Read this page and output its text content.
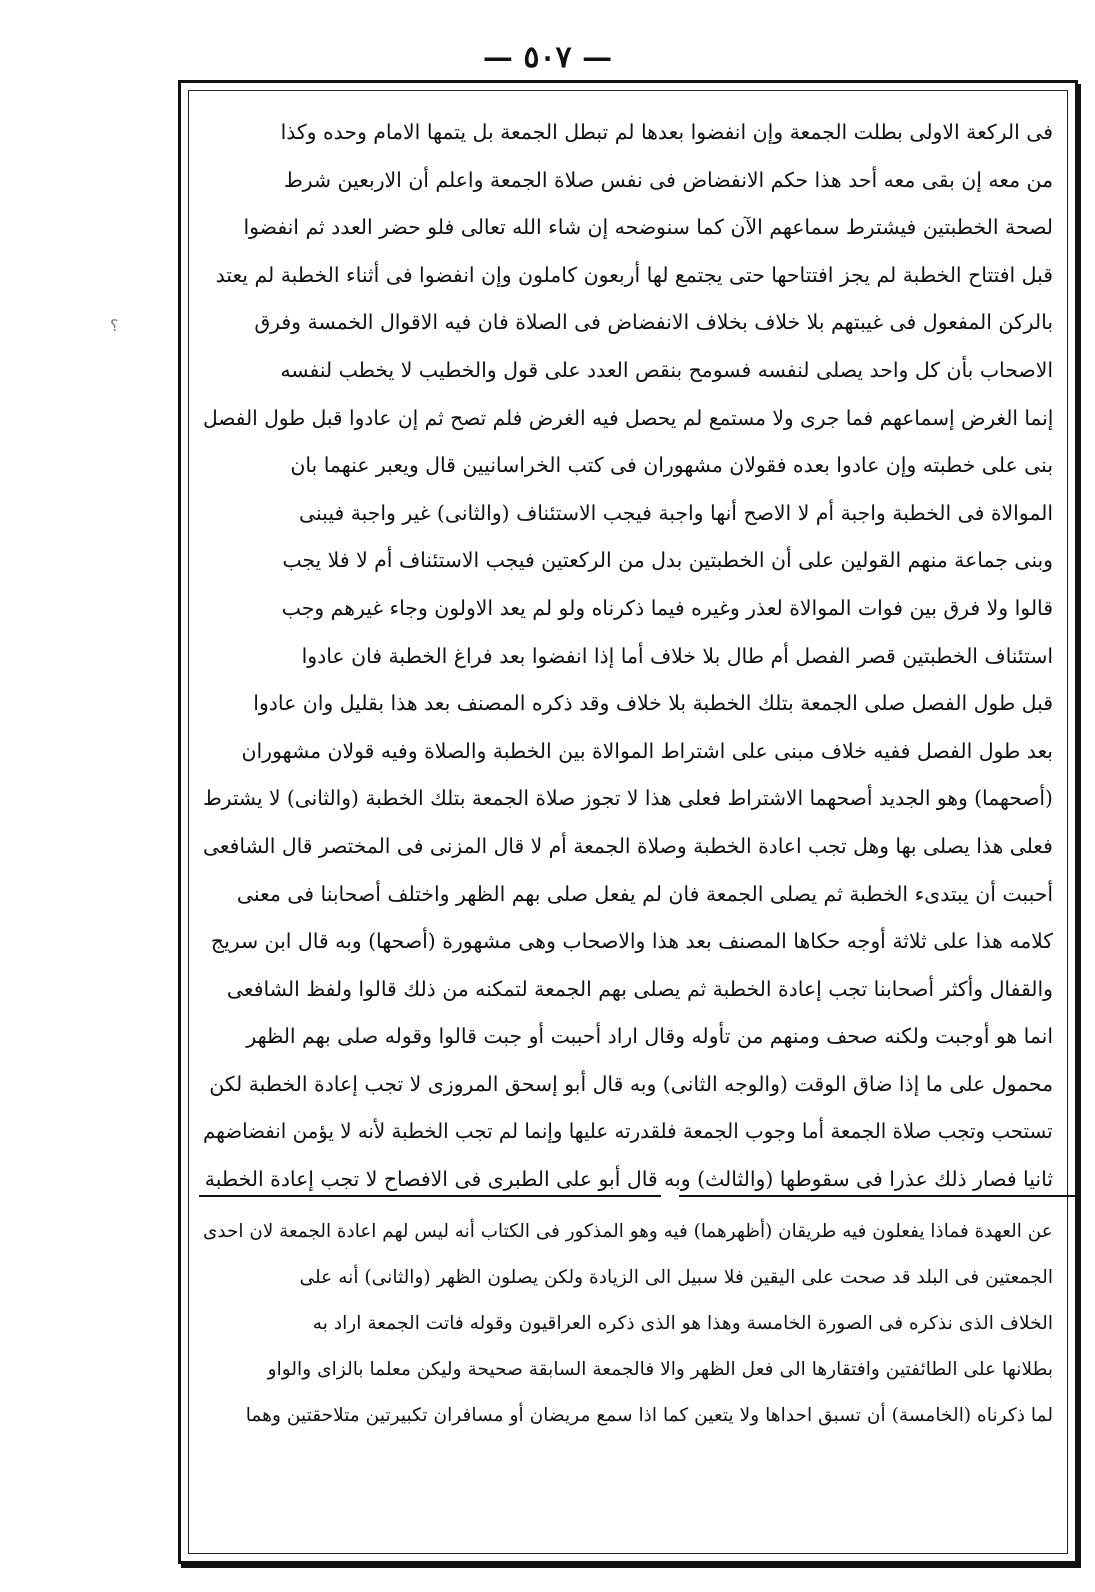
— ٥٠٧ —
؟
فى الركعة الاولى بطلت الجمعة وإن انفضوا بعدها لم تبطل الجمعة بل يتمها الامام وحده وكذا
من معه إن بقى معه أحد هذا حكم الانفضاض فى نفس صلاة الجمعة واعلم أن الاربعين شرط
لصحة الخطبتين فيشترط سماعهم الآن كما سنوضحه إن شاء الله تعالى فلو حضر العدد ثم انفضوا
قبل افتتاح الخطبة لم يجز افتتاحها حتى يجتمع لها أربعون كاملون وإن انفضوا فى أثناء الخطبة لم يعتد
بالركن المفعول فى غيبتهم بلا خلاف بخلاف الانفضاض فى الصلاة فان فيه الاقوال الخمسة وفرق
الاصحاب بأن كل واحد يصلى لنفسه فسومح بنقص العدد على قول والخطيب لا يخطب لنفسه
إنما الغرض إسماعهم فما جرى ولا مستمع لم يحصل فيه الغرض فلم تصح ثم إن عادوا قبل طول الفصل
بنى على خطبته وإن عادوا بعده فقولان مشهوران فى كتب الخراسانيين قال ويعبر عنهما بان
الموالاة فى الخطبة واجبة أم لا الاصح أنها واجبة فيجب الاستئناف (والثانى) غير واجبة فيبنى
وبنى جماعة منهم القولين على أن الخطبتين بدل من الركعتين فيجب الاستئناف أم لا فلا يجب
قالوا ولا فرق بين فوات الموالاة لعذر وغيره فيما ذكرناه ولو لم يعد الاولون وجاء غيرهم وجب
استئناف الخطبتين قصر الفصل أم طال بلا خلاف أما إذا انفضوا بعد فراغ الخطبة فان عادوا
قبل طول الفصل صلى الجمعة بتلك الخطبة بلا خلاف وقد ذكره المصنف بعد هذا بقليل وان عادوا
بعد طول الفصل ففيه خلاف مبنى على اشتراط الموالاة بين الخطبة والصلاة وفيه قولان مشهوران
(أصحهما) وهو الجديد أصحهما الاشتراط فعلى هذا لا تجوز صلاة الجمعة بتلك الخطبة (والثانى) لا يشترط
فعلى هذا يصلى بها وهل تجب اعادة الخطبة وصلاة الجمعة أم لا قال المزنى فى المختصر قال الشافعى
أحببت أن يبتدىء الخطبة ثم يصلى الجمعة فان لم يفعل صلى بهم الظهر واختلف أصحابنا فى معنى
كلامه هذا على ثلاثة أوجه حكاها المصنف بعد هذا والاصحاب وهى مشهورة (أصحها) وبه قال ابن سريج
والقفال وأكثر أصحابنا تجب إعادة الخطبة ثم يصلى بهم الجمعة لتمكنه من ذلك قالوا ولفظ الشافعى
انما هو أوجبت ولكنه صحف ومنهم من تأوله وقال اراد أحببت أو جبت قالوا وقوله صلى بهم الظهر
محمول على ما إذا ضاق الوقت (والوجه الثانى) وبه قال أبو إسحق المروزى لا تجب إعادة الخطبة لكن
تستحب وتجب صلاة الجمعة أما وجوب الجمعة فلقدرته عليها وإنما لم تجب الخطبة لأنه لا يؤمن انفضاضهم
ثانيا فصار ذلك عذرا فى سقوطها (والثالث) وبه قال أبو على الطبرى فى الافصاح لا تجب إعادة الخطبة
عن العهدة فماذا يفعلون فيه طريقان (أظهرهما) فيه وهو المذكور فى الكتاب أنه ليس لهم اعادة الجمعة لان احدى
الجمعتين فى البلد قد صحت على اليقين فلا سبيل الى الزيادة ولكن يصلون الظهر (والثانى) أنه على
الخلاف الذى نذكره فى الصورة الخامسة وهذا هو الذى ذكره العراقيون وقوله فاتت الجمعة اراد به
بطلانها على الطائفتين وافتقارها الى فعل الظهر والا فالجمعة السابقة صحيحة وليكن معلما بالزاى والواو
لما ذكرناه (الخامسة) أن تسبق احداها ولا يتعين كما اذا سمع مريضان أو مسافران تكبيرتين متلاحقتين وهما
